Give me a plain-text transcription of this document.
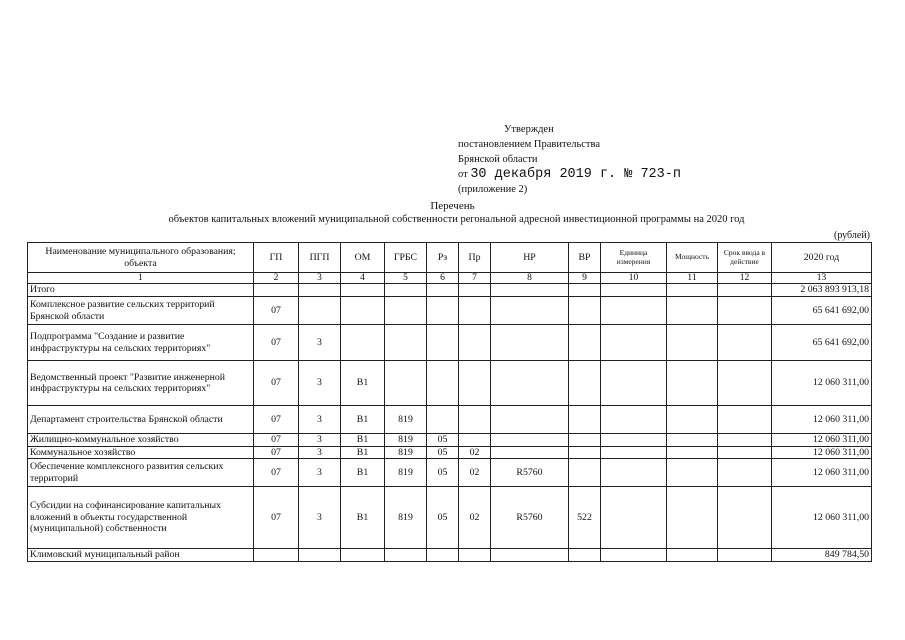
Утвержден
постановлением Правительства
Брянской области
от 30 декабря 2019 г. № 723-п
(приложение 2)
Перечень
объектов капитальных вложений муниципальной собственности регональной адресной инвестиционной программы на 2020 год
(рублей)
Наименование муниципального образования; объекта	ГП	ПГП	ОМ	ГРБС	Рз	Пр	НР	ВР	Единица измерения	Мощность	Срок ввода в действие	2020 год
1	2	3	4	5	6	7	8	9	10	11	12	13
Итого												2 063 893 913,18
Комплексное развитие сельских территорий Брянской области	07											65 641 692,00
Подпрограмма "Создание и развитие инфраструктуры на сельских территориях"	07	3										65 641 692,00
Ведомственный проект "Развитие инженерной инфраструктуры на сельских территориях"	07	3	В1									12 060 311,00
Департамент строительства Брянской области	07	3	В1	819								12 060 311,00
Жилищно-коммунальное хозяйство	07	3	В1	819	05							12 060 311,00
Коммунальное хозяйство	07	3	В1	819	05	02						12 060 311,00
Обеспечение комплексного развития сельских территорий	07	3	В1	819	05	02	R5760					12 060 311,00
Субсидии на софинансирование капитальных вложений в объекты государственной (муниципальной) собственности	07	3	В1	819	05	02	R5760	522				12 060 311,00
Климовский муниципальный район												849 784,50
